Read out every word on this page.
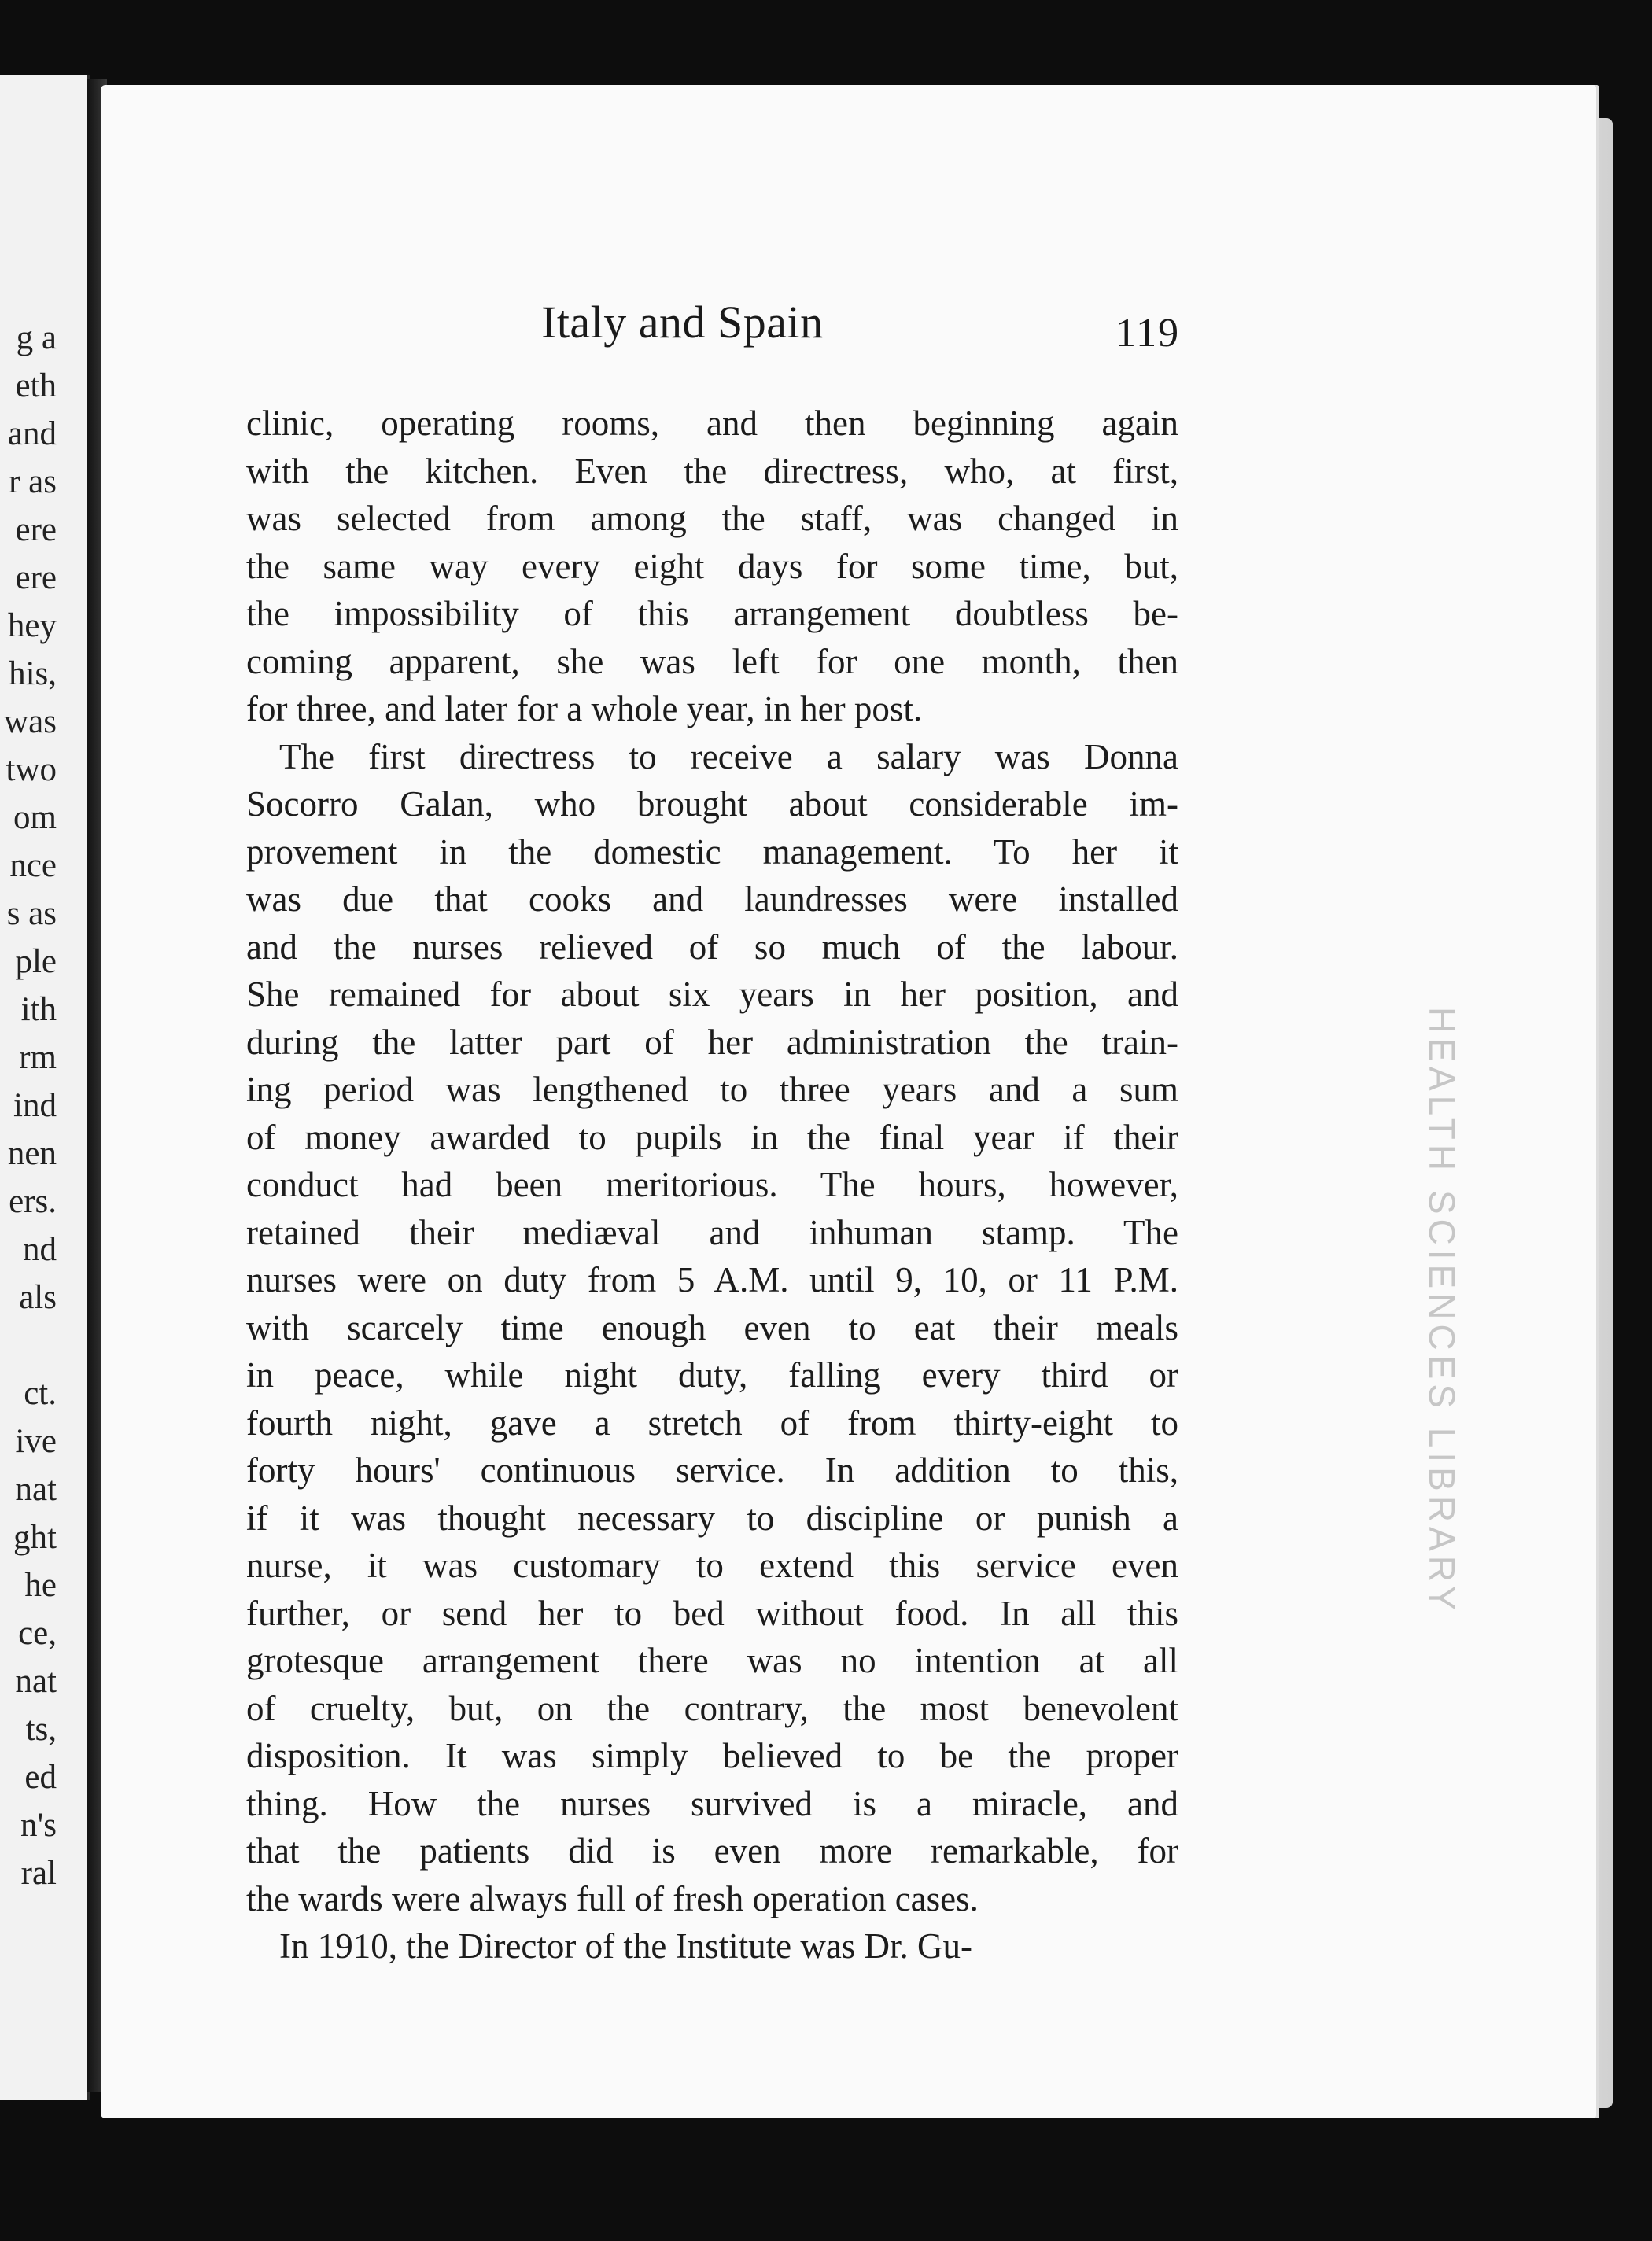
g a
eth
and
r as
ere
ere
hey
his,
was
two
om
nce
s as
ple
ith
rm
ind
nen
ers.
nd
als
ct.
ive
nat
ght
he
ce,
nat
ts,
ed
n's
ral
Italy and Spain	119
clinic, operating rooms, and then beginning again
with the kitchen. Even the directress, who, at first,
was selected from among the staff, was changed in
the same way every eight days for some time, but,
the impossibility of this arrangement doubtless be-
coming apparent, she was left for one month, then
for three, and later for a whole year, in her post.
The first directress to receive a salary was Donna
Socorro Galan, who brought about considerable im-
provement in the domestic management. To her it
was due that cooks and laundresses were installed
and the nurses relieved of so much of the labour.
She remained for about six years in her position, and
during the latter part of her administration the train-
ing period was lengthened to three years and a sum
of money awarded to pupils in the final year if their
conduct had been meritorious. The hours, however,
retained their mediæval and inhuman stamp. The
nurses were on duty from 5 A.M. until 9, 10, or 11 P.M.
with scarcely time enough even to eat their meals
in peace, while night duty, falling every third or
fourth night, gave a stretch of from thirty-eight to
forty hours' continuous service. In addition to this,
if it was thought necessary to discipline or punish a
nurse, it was customary to extend this service even
further, or send her to bed without food. In all this
grotesque arrangement there was no intention at all
of cruelty, but, on the contrary, the most benevolent
disposition. It was simply believed to be the proper
thing. How the nurses survived is a miracle, and
that the patients did is even more remarkable, for
the wards were always full of fresh operation cases.
In 1910, the Director of the Institute was Dr. Gu-
HEALTH SCIENCES LIBRARY
